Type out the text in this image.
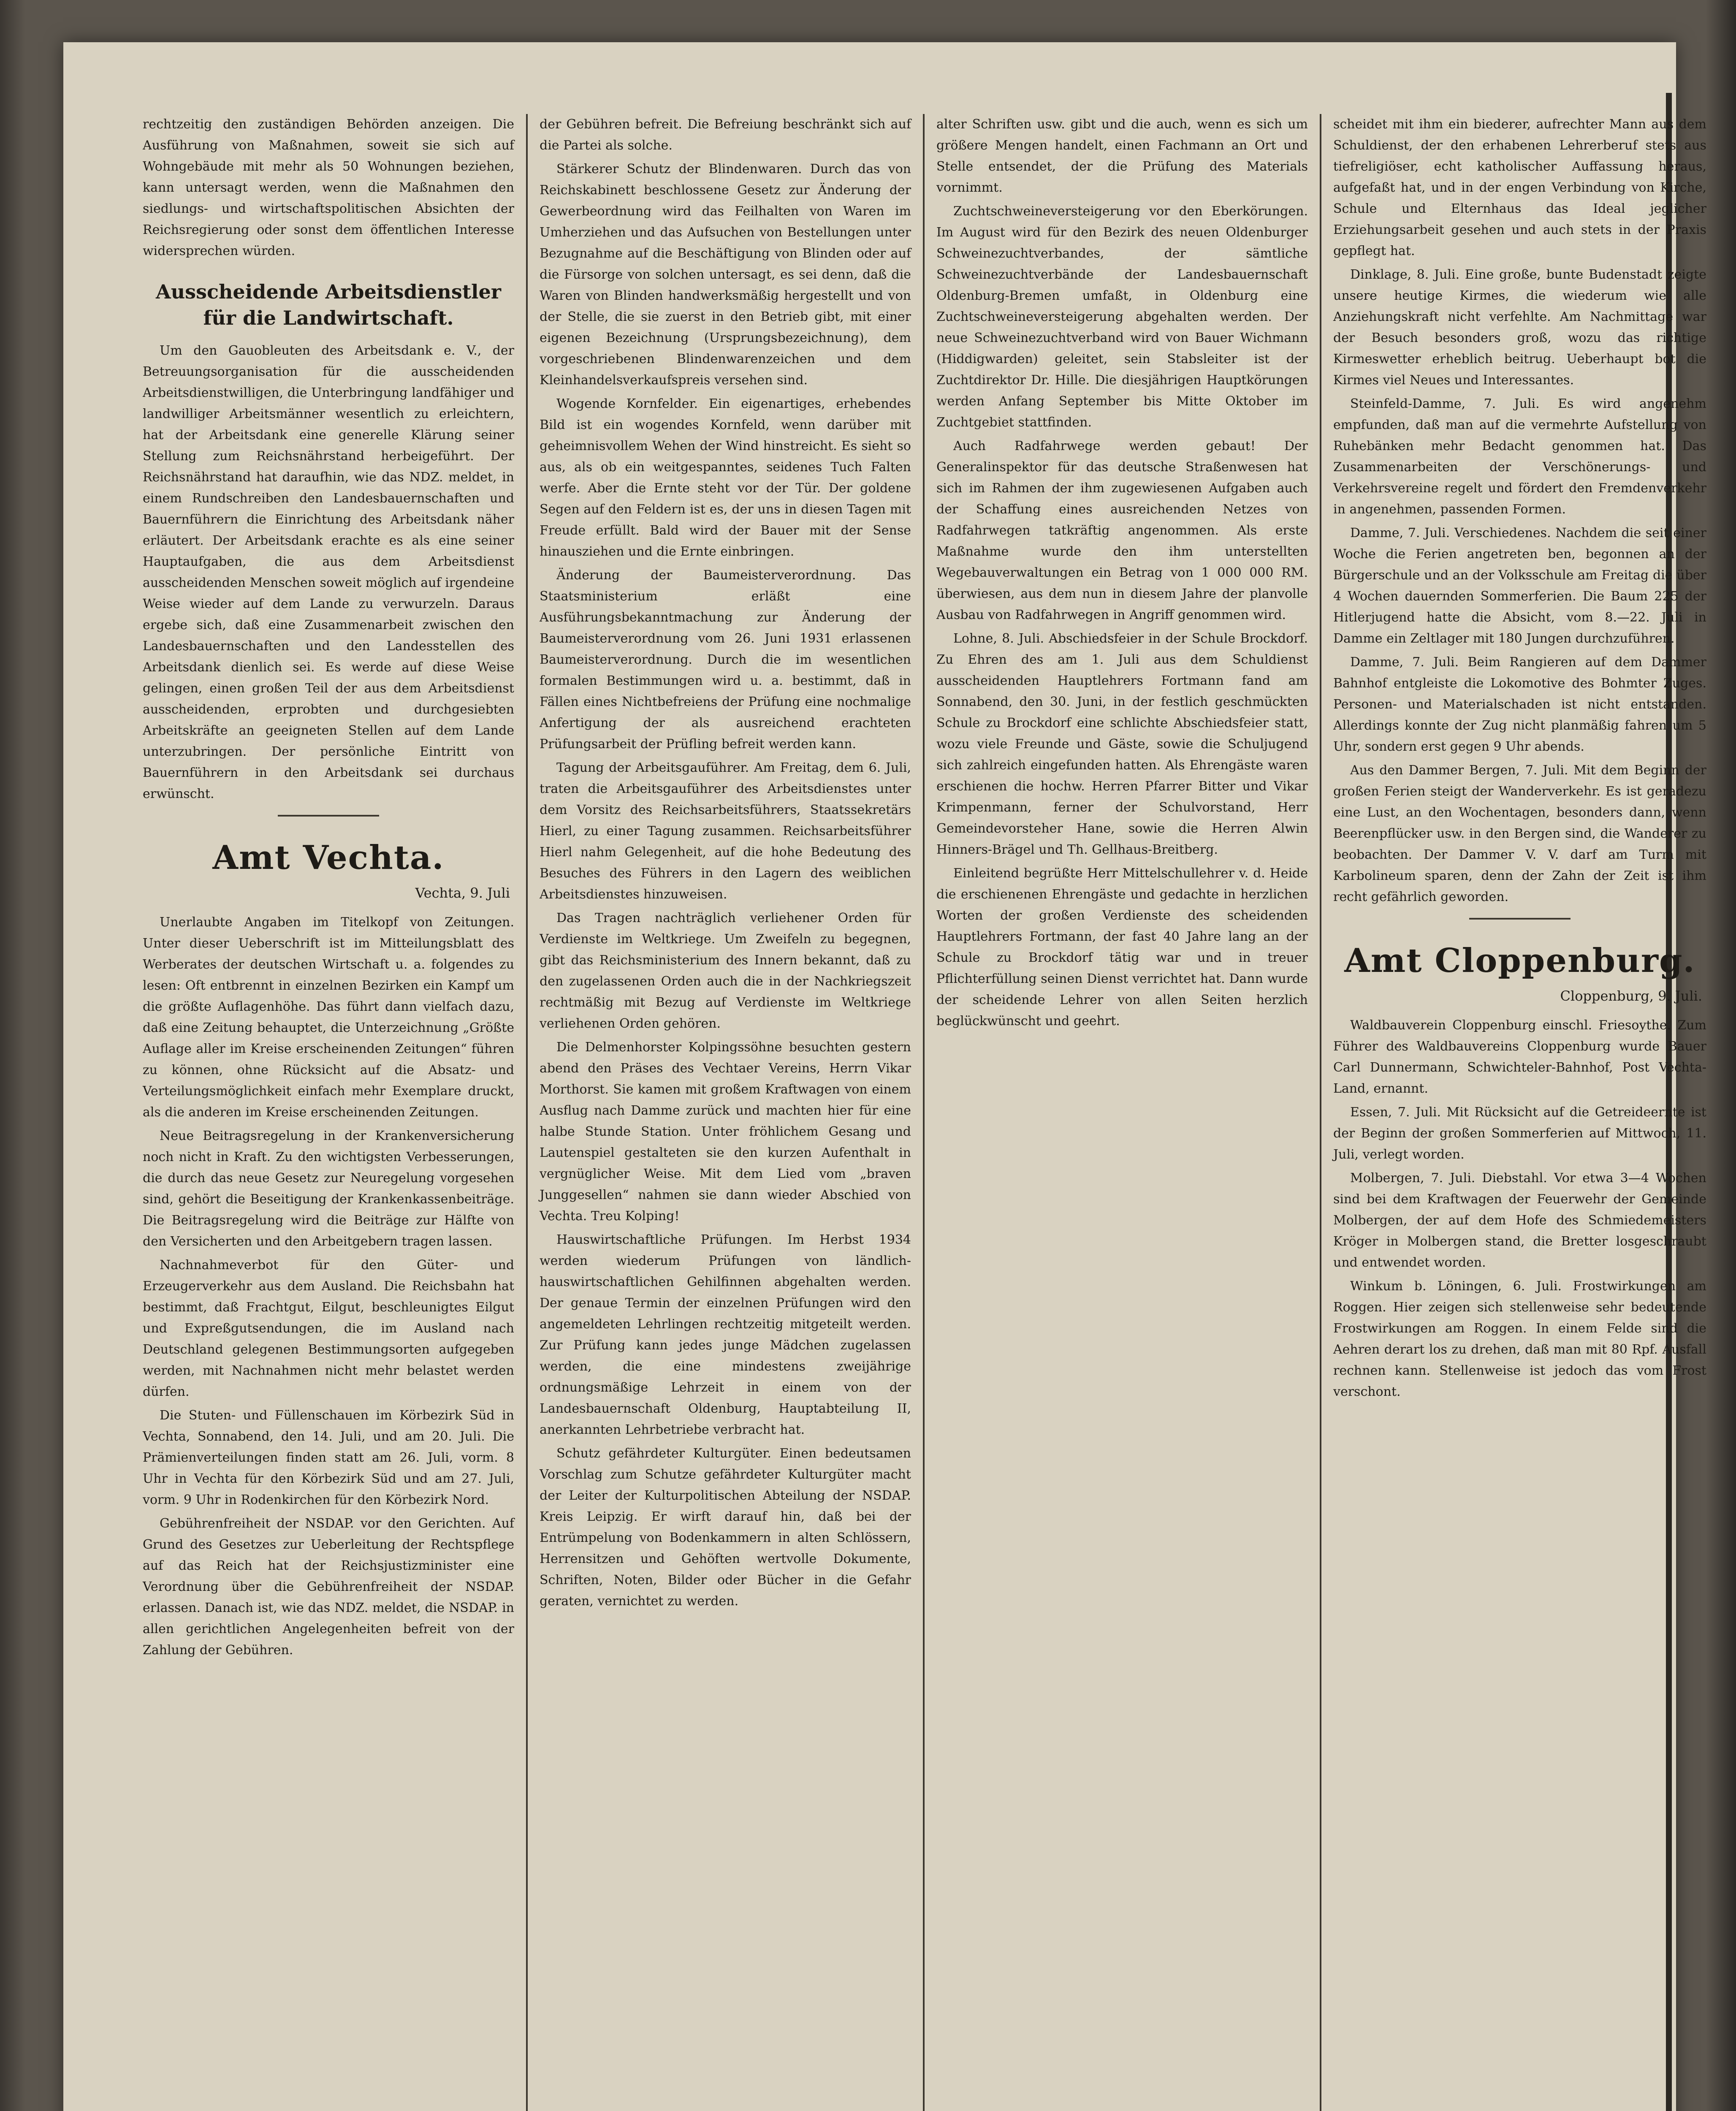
rechtzeitig den zuständigen Behörden anzeigen. Die Ausführung von Maßnahmen, soweit sie sich auf Wohngebäude mit mehr als 50 Wohnungen beziehen, kann untersagt werden, wenn die Maßnahmen den siedlungs- und wirtschaftspolitischen Absichten der Reichsregierung oder sonst dem öffentlichen Interesse widersprechen würden.

Ausscheidende Arbeitsdienstler für die Landwirtschaft.

Um den Gauobleuten des Arbeitsdank e. V., der Betreuungsorganisation für die ausscheidenden Arbeitsdienstwilligen, die Unterbringung landfähiger und landwilliger Arbeitsmänner wesentlich zu erleichtern, hat der Arbeitsdank eine generelle Klärung seiner Stellung zum Reichsnährstand herbeigeführt. Der Reichsnährstand hat daraufhin, wie das NDZ. meldet, in einem Rundschreiben den Landesbauernschaften und Bauernführern die Einrichtung des Arbeitsdank näher erläutert. Der Arbeitsdank erachte es als eine seiner Hauptaufgaben, die aus dem Arbeitsdienst ausscheidenden Menschen soweit möglich auf irgendeine Weise wieder auf dem Lande zu verwurzeln. Daraus ergebe sich, daß eine Zusammenarbeit zwischen den Landesbauernschaften und den Landesstellen des Arbeitsdank dienlich sei. Es werde auf diese Weise gelingen, einen großen Teil der aus dem Arbeitsdienst ausscheidenden, erprobten und durchgesiebten Arbeitskräfte an geeigneten Stellen auf dem Lande unterzubringen. Der persönliche Eintritt von Bauernführern in den Arbeitsdank sei durchaus erwünscht.

Amt Vechta.
Vechta, 9. Juli

Unerlaubte Angaben im Titelkopf von Zeitungen. Unter dieser Ueberschrift ist im Mitteilungsblatt des Werberates der deutschen Wirtschaft u. a. folgendes zu lesen: Oft entbrennt in einzelnen Bezirken ein Kampf um die größte Auflagenhöhe. Das führt dann vielfach dazu, daß eine Zeitung behauptet, die Unterzeichnung „Größte Auflage aller im Kreise erscheinenden Zeitungen“ führen zu können, ohne Rücksicht auf die Absatz- und Verteilungsmöglichkeit einfach mehr Exemplare druckt, als die anderen im Kreise erscheinenden Zeitungen.

Neue Beitragsregelung in der Krankenversicherung noch nicht in Kraft. Zu den wichtigsten Verbesserungen, die durch das neue Gesetz zur Neuregelung vorgesehen sind, gehört die Beseitigung der Krankenkassenbeiträge. Die Beitragsregelung wird die Beiträge zur Hälfte von den Versicherten und den Arbeitgebern tragen lassen.

Nachnahmeverbot für den Güter- und Erzeugerverkehr aus dem Ausland. Die Reichsbahn hat bestimmt, daß Frachtgut, Eilgut, beschleunigtes Eilgut und Expreßgutsendungen, die im Ausland nach Deutschland gelegenen Bestimmungsorten aufgegeben werden, mit Nachnahmen nicht mehr belastet werden dürfen.

Die Stuten- und Füllenschauen im Körbezirk Süd in Vechta, Sonnabend, den 14. Juli, und am 20. Juli. Die Prämienverteilungen finden statt am 26. Juli, vorm. 8 Uhr in Vechta für den Körbezirk Süd und am 27. Juli, vorm. 9 Uhr in Rodenkirchen für den Körbezirk Nord.

Gebührenfreiheit der NSDAP. vor den Gerichten. Auf Grund des Gesetzes zur Ueberleitung der Rechtspflege auf das Reich hat der Reichsjustizminister eine Verordnung über die Gebührenfreiheit der NSDAP. erlassen. Danach ist, wie das NDZ. meldet, die NSDAP. in allen gerichtlichen Angelegenheiten befreit von der Zahlung der Gebühren.

der Gebühren befreit. Die Befreiung beschränkt sich auf die Partei als solche.

Stärkerer Schutz der Blindenwaren. Durch das von Reichskabinett beschlossene Gesetz zur Änderung der Gewerbeordnung wird das Feilhalten von Waren im Umherziehen und das Aufsuchen von Bestellungen unter Bezugnahme auf die Beschäftigung von Blinden oder auf die Fürsorge von solchen untersagt, es sei denn, daß die Waren von Blinden handwerksmäßig hergestellt und von der Stelle, die sie zuerst in den Betrieb gibt, mit einer eigenen Bezeichnung (Ursprungsbezeichnung), dem vorgeschriebenen Blindenwarenzeichen und dem Kleinhandelsverkaufspreis versehen sind.

Wogende Kornfelder. Ein eigenartiges, erhebendes Bild ist ein wogendes Kornfeld, wenn darüber mit geheimnisvollem Wehen der Wind hinstreicht. Es sieht so aus, als ob ein weitgespanntes, seidenes Tuch Falten werfe. Aber die Ernte steht vor der Tür. Der goldene Segen auf den Feldern ist es, der uns in diesen Tagen mit Freude erfüllt. Bald wird der Bauer mit der Sense hinausziehen und die Ernte einbringen.

Änderung der Baumeisterverordnung. Das Staatsministerium erläßt eine Ausführungsbekanntmachung zur Änderung der Baumeisterverordnung vom 26. Juni 1931 erlassenen Baumeisterverordnung. Durch die im wesentlichen formalen Bestimmungen wird u. a. bestimmt, daß in Fällen eines Nichtbefreiens der Prüfung eine nochmalige Anfertigung der als ausreichend erachteten Prüfungsarbeit der Prüfling befreit werden kann.

Tagung der Arbeitsgauführer. Am Freitag, dem 6. Juli, traten die Arbeitsgauführer des Arbeitsdienstes unter dem Vorsitz des Reichsarbeitsführers, Staatssekretärs Hierl, zu einer Tagung zusammen. Reichsarbeitsführer Hierl nahm Gelegenheit, auf die hohe Bedeutung des Besuches des Führers in den Lagern des weiblichen Arbeitsdienstes hinzuweisen.

Das Tragen nachträglich verliehener Orden für Verdienste im Weltkriege. Um Zweifeln zu begegnen, gibt das Reichsministerium des Innern bekannt, daß zu den zugelassenen Orden auch die in der Nachkriegszeit rechtmäßig mit Bezug auf Verdienste im Weltkriege verliehenen Orden gehören.

Die Delmenhorster Kolpingssöhne besuchten gestern abend den Präses des Vechtaer Vereins, Herrn Vikar Morthorst. Sie kamen mit großem Kraftwagen von einem Ausflug nach Damme zurück und machten hier für eine halbe Stunde Station. Unter fröhlichem Gesang und Lautenspiel gestalteten sie den kurzen Aufenthalt in vergnüglicher Weise. Mit dem Lied vom „braven Junggesellen“ nahmen sie dann wieder Abschied von Vechta. Treu Kolping!

Hauswirtschaftliche Prüfungen. Im Herbst 1934 werden wiederum Prüfungen von ländlich-hauswirtschaftlichen Gehilfinnen abgehalten werden. Der genaue Termin der einzelnen Prüfungen wird den angemeldeten Lehrlingen rechtzeitig mitgeteilt werden. Zur Prüfung kann jedes junge Mädchen zugelassen werden, die eine mindestens zweijährige ordnungsmäßige Lehrzeit in einem von der Landesbauernschaft Oldenburg, Hauptabteilung II, anerkannten Lehrbetriebe verbracht hat.

Schutz gefährdeter Kulturgüter. Einen bedeutsamen Vorschlag zum Schutze gefährdeter Kulturgüter macht der Leiter der Kulturpolitischen Abteilung der NSDAP. Kreis Leipzig. Er wirft darauf hin, daß bei der Entrümpelung von Bodenkammern in alten Schlössern, Herrensitzen und Gehöften wertvolle Dokumente, Schriften, Noten, Bilder oder Bücher in die Gefahr geraten, vernichtet zu werden.

alter Schriften usw. gibt und die auch, wenn es sich um größere Mengen handelt, einen Fachmann an Ort und Stelle entsendet, der die Prüfung des Materials vornimmt.

Zuchtschweineversteigerung vor den Eberkörungen. Im August wird für den Bezirk des neuen Oldenburger Schweinezuchtverbandes, der sämtliche Schweinezuchtverbände der Landesbauernschaft Oldenburg-Bremen umfaßt, in Oldenburg eine Zuchtschweineversteigerung abgehalten werden. Der neue Schweinezuchtverband wird von Bauer Wichmann (Hiddigwarden) geleitet, sein Stabsleiter ist der Zuchtdirektor Dr. Hille. Die diesjährigen Hauptkörungen werden Anfang September bis Mitte Oktober im Zuchtgebiet stattfinden.

Auch Radfahrwege werden gebaut! Der Generalinspektor für das deutsche Straßenwesen hat sich im Rahmen der ihm zugewiesenen Aufgaben auch der Schaffung eines ausreichenden Netzes von Radfahrwegen tatkräftig angenommen. Als erste Maßnahme wurde den ihm unterstellten Wegebauverwaltungen ein Betrag von 1 000 000 RM. überwiesen, aus dem nun in diesem Jahre der planvolle Ausbau von Radfahrwegen in Angriff genommen wird.

Lohne, 8. Juli. Abschiedsfeier in der Schule Brockdorf. Zu Ehren des am 1. Juli aus dem Schuldienst ausscheidenden Hauptlehrers Fortmann fand am Sonnabend, den 30. Juni, in der festlich geschmückten Schule zu Brockdorf eine schlichte Abschiedsfeier statt, wozu viele Freunde und Gäste, sowie die Schuljugend sich zahlreich eingefunden hatten. Als Ehrengäste waren erschienen die hochw. Herren Pfarrer Bitter und Vikar Krimpenmann, ferner der Schulvorstand, Herr Gemeindevorsteher Hane, sowie die Herren Alwin Hinners-Brägel und Th. Gellhaus-Breitberg.

Einleitend begrüßte Herr Mittelschullehrer v. d. Heide die erschienenen Ehrengäste und gedachte in herzlichen Worten der großen Verdienste des scheidenden Hauptlehrers Fortmann, der fast 40 Jahre lang an der Schule zu Brockdorf tätig war und in treuer Pflichterfüllung seinen Dienst verrichtet hat. Dann wurde der scheidende Lehrer von allen Seiten herzlich beglückwünscht und geehrt.

scheidet mit ihm ein biederer, aufrechter Mann aus dem Schuldienst, der den erhabenen Lehrerberuf stets aus tiefreligiöser, echt katholischer Auffassung heraus, aufgefaßt hat, und in der engen Verbindung von Kirche, Schule und Elternhaus das Ideal jeglicher Erziehungsarbeit gesehen und auch stets in der Praxis gepflegt hat.

Dinklage, 8. Juli. Eine große, bunte Budenstadt zeigte unsere heutige Kirmes, die wiederum wie alle Anziehungskraft nicht verfehlte. Am Nachmittage war der Besuch besonders groß, wozu das richtige Kirmeswetter erheblich beitrug. Ueberhaupt bot die Kirmes viel Neues und Interessantes.

Steinfeld-Damme, 7. Juli. Es wird angenehm empfunden, daß man auf die vermehrte Aufstellung von Ruhebänken mehr Bedacht genommen hat. Das Zusammenarbeiten der Verschönerungs- und Verkehrsvereine regelt und fördert den Fremdenverkehr in angenehmen, passenden Formen.

Damme, 7. Juli. Verschiedenes. Nachdem die seit einer Woche die Ferien angetreten ben, begonnen an der Bürgerschule und an der Volksschule am Freitag die über 4 Wochen dauernden Sommerferien. Die Baum 225 der Hitlerjugend hatte die Absicht, vom 8.—22. Juli in Damme ein Zeltlager mit 180 Jungen durchzuführen.

Damme, 7. Juli. Beim Rangieren auf dem Dammer Bahnhof entgleiste die Lokomotive des Bohmter Zuges. Personen- und Materialschaden ist nicht entstanden. Allerdings konnte der Zug nicht planmäßig fahren um 5 Uhr, sondern erst gegen 9 Uhr abends.

Aus den Dammer Bergen, 7. Juli. Mit dem Beginn der großen Ferien steigt der Wanderverkehr. Es ist geradezu eine Lust, an den Wochentagen, besonders dann, wenn Beerenpflücker usw. in den Bergen sind, die Wanderer zu beobachten. Der Dammer V. V. darf am Turm mit Karbolineum sparen, denn der Zahn der Zeit ist ihm recht gefährlich geworden.

Amt Cloppenburg.
Cloppenburg, 9. Juli.

Waldbauverein Cloppenburg einschl. Friesoythe. Zum Führer des Waldbauvereins Cloppenburg wurde Bauer Carl Dunnermann, Schwichteler-Bahnhof, Post Vechta-Land, ernannt.

Essen, 7. Juli. Mit Rücksicht auf die Getreideernte ist der Beginn der großen Sommerferien auf Mittwoch, 11. Juli, verlegt worden.

Molbergen, 7. Juli. Diebstahl. Vor etwa 3—4 Wochen sind bei dem Kraftwagen der Feuerwehr der Gemeinde Molbergen, der auf dem Hofe des Schmiedemeisters Kröger in Molbergen stand, die Bretter losgeschraubt und entwendet worden.

Winkum b. Löningen, 6. Juli. Frostwirkungen am Roggen. Hier zeigen sich stellenweise sehr bedeutende Frostwirkungen am Roggen. In einem Felde sind die Aehren derart los zu drehen, daß man mit 80 Rpf. Ausfall rechnen kann. Stellenweise ist jedoch das vom Frost verschont.
